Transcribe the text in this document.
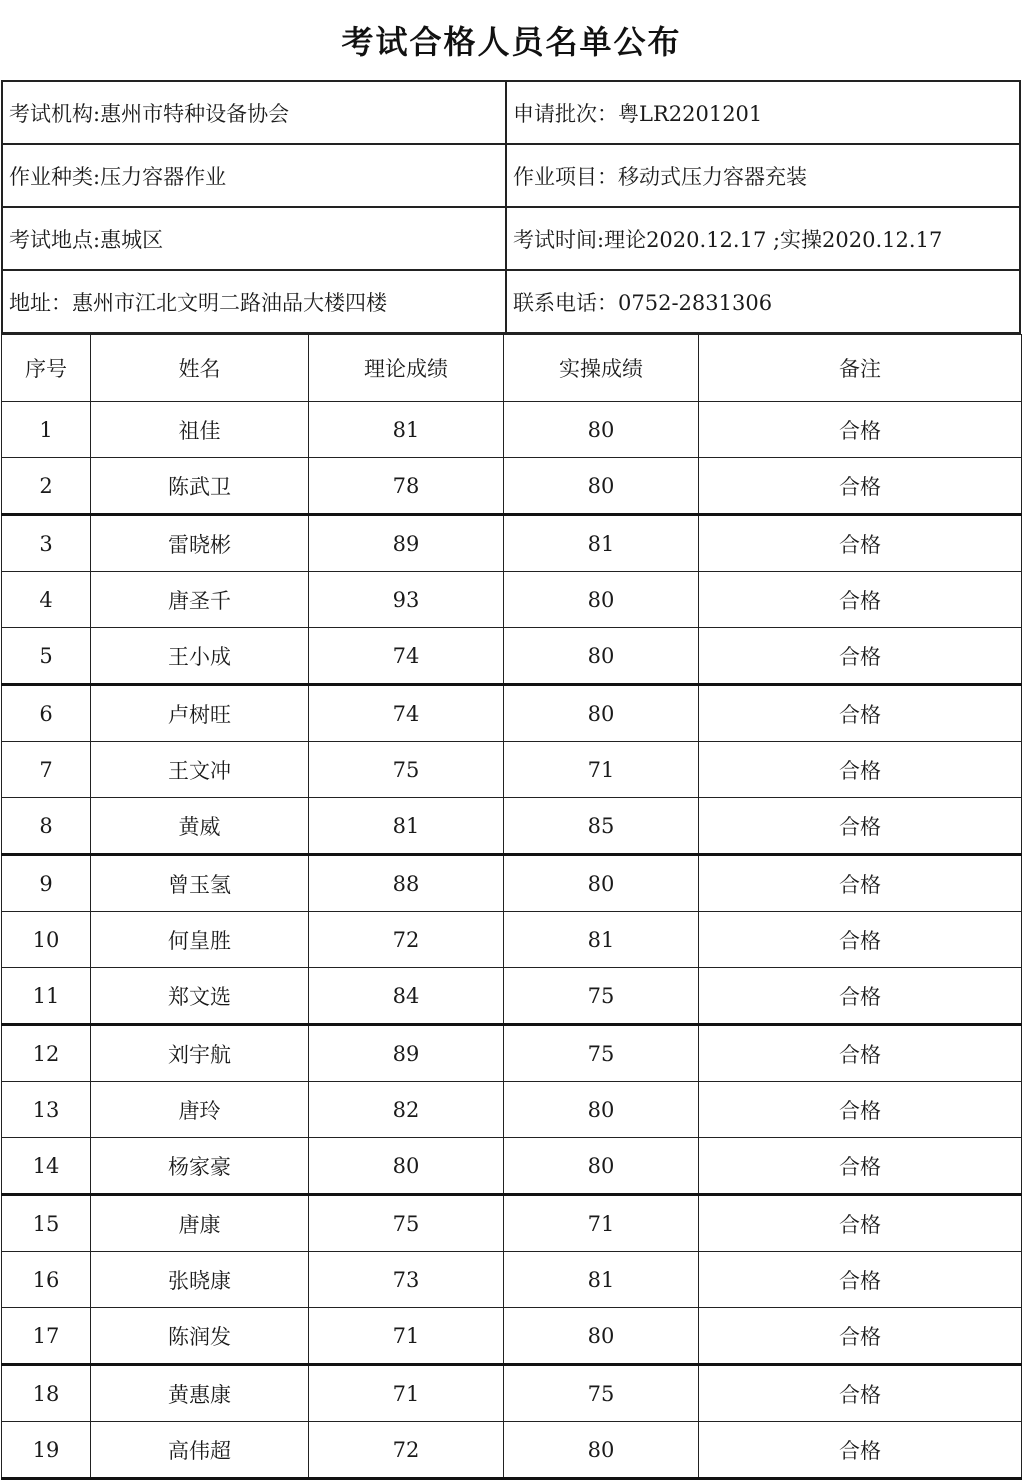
考试合格人员名单公布
考试机构:惠州市特种设备协会	申请批次：粤LR2201201
作业种类:压力容器作业	作业项目：移动式压力容器充装
考试地点:惠城区	考试时间:理论2020.12.17 ;实操2020.12.17
地址：惠州市江北文明二路油品大楼四楼	联系电话：0752-2831306
序号	姓名	理论成绩	实操成绩	备注
1	祖佳	81	80	合格
2	陈武卫	78	80	合格
3	雷晓彬	89	81	合格
4	唐圣千	93	80	合格
5	王小成	74	80	合格
6	卢树旺	74	80	合格
7	王文冲	75	71	合格
8	黄威	81	85	合格
9	曾玉氢	88	80	合格
10	何皇胜	72	81	合格
11	郑文选	84	75	合格
12	刘宇航	89	75	合格
13	唐玲	82	80	合格
14	杨家豪	80	80	合格
15	唐康	75	71	合格
16	张晓康	73	81	合格
17	陈润发	71	80	合格
18	黄惠康	71	75	合格
19	高伟超	72	80	合格
